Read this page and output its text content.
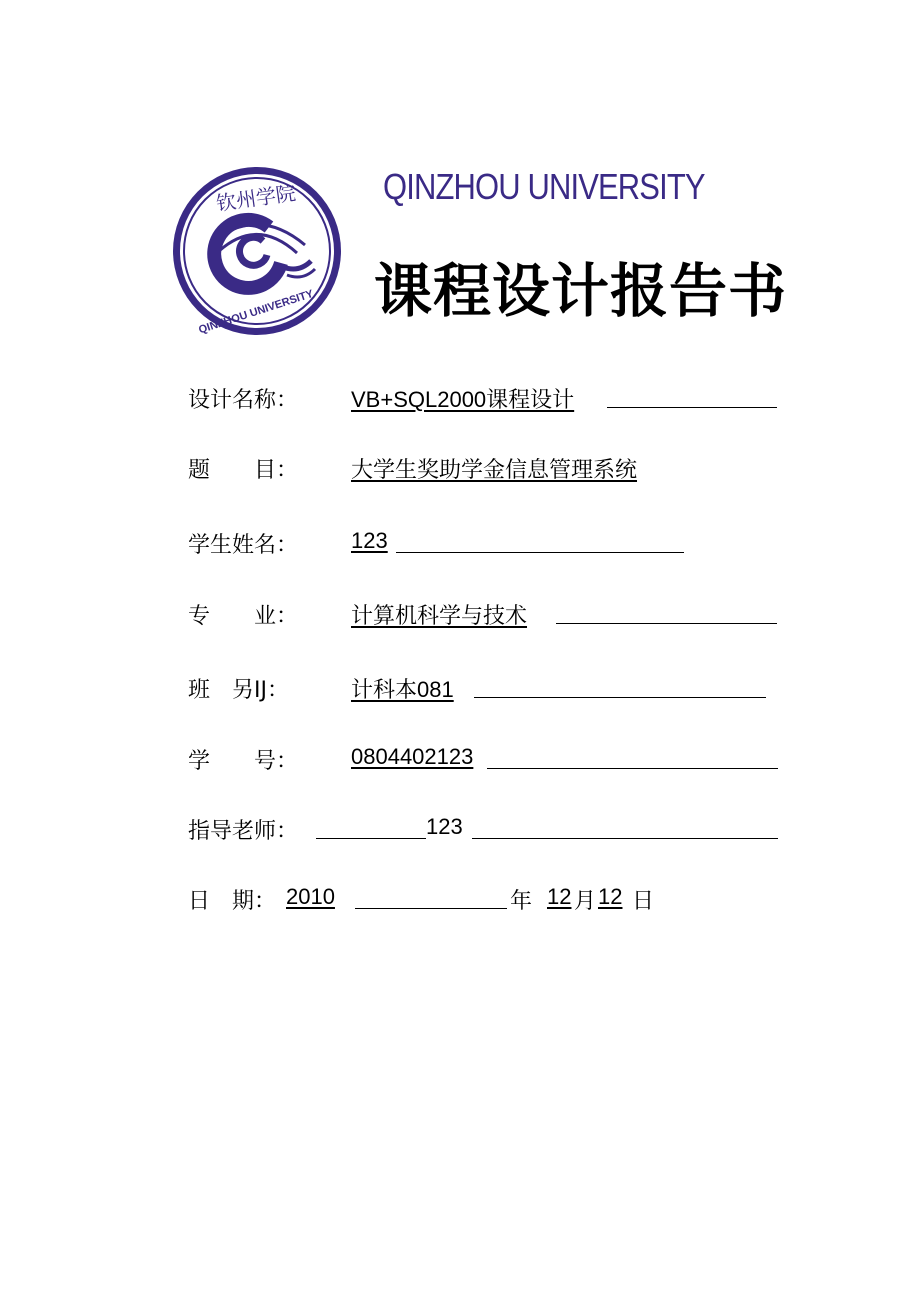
钦州学院
QINZHOU UNIVERSITY
QINZHOU UNIVERSITY
课程设计报告书
设计名称： VB+SQL2000课程设计
题　　目： 大学生奖助学金信息管理系统
学生姓名： 123
专　　业： 计算机科学与技术
班　另IJ：	计科本081
学　　号： 0804402123
指导老师：	123
日　期： 2010	年 12 月 12 日
